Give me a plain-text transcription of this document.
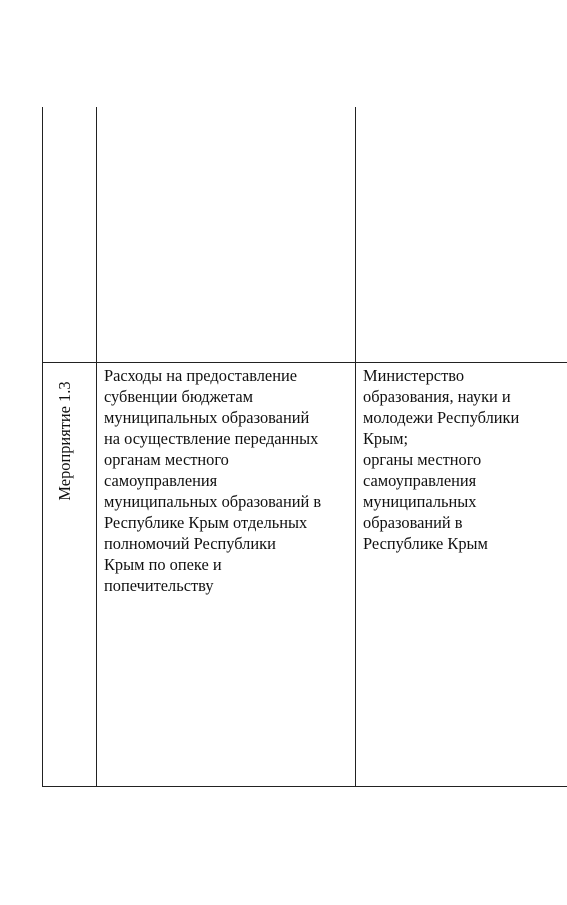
Мероприятие 1.3
Расходы на предоставление
субвенции бюджетам
муниципальных образований
на осуществление переданных
органам местного
самоуправления
муниципальных образований в
Республике Крым отдельных
полномочий Республики
Крым по опеке и
попечительству
Министерство
образования, науки и
молодежи Республики
Крым;
органы местного
самоуправления
муниципальных
образований в
Республике Крым
